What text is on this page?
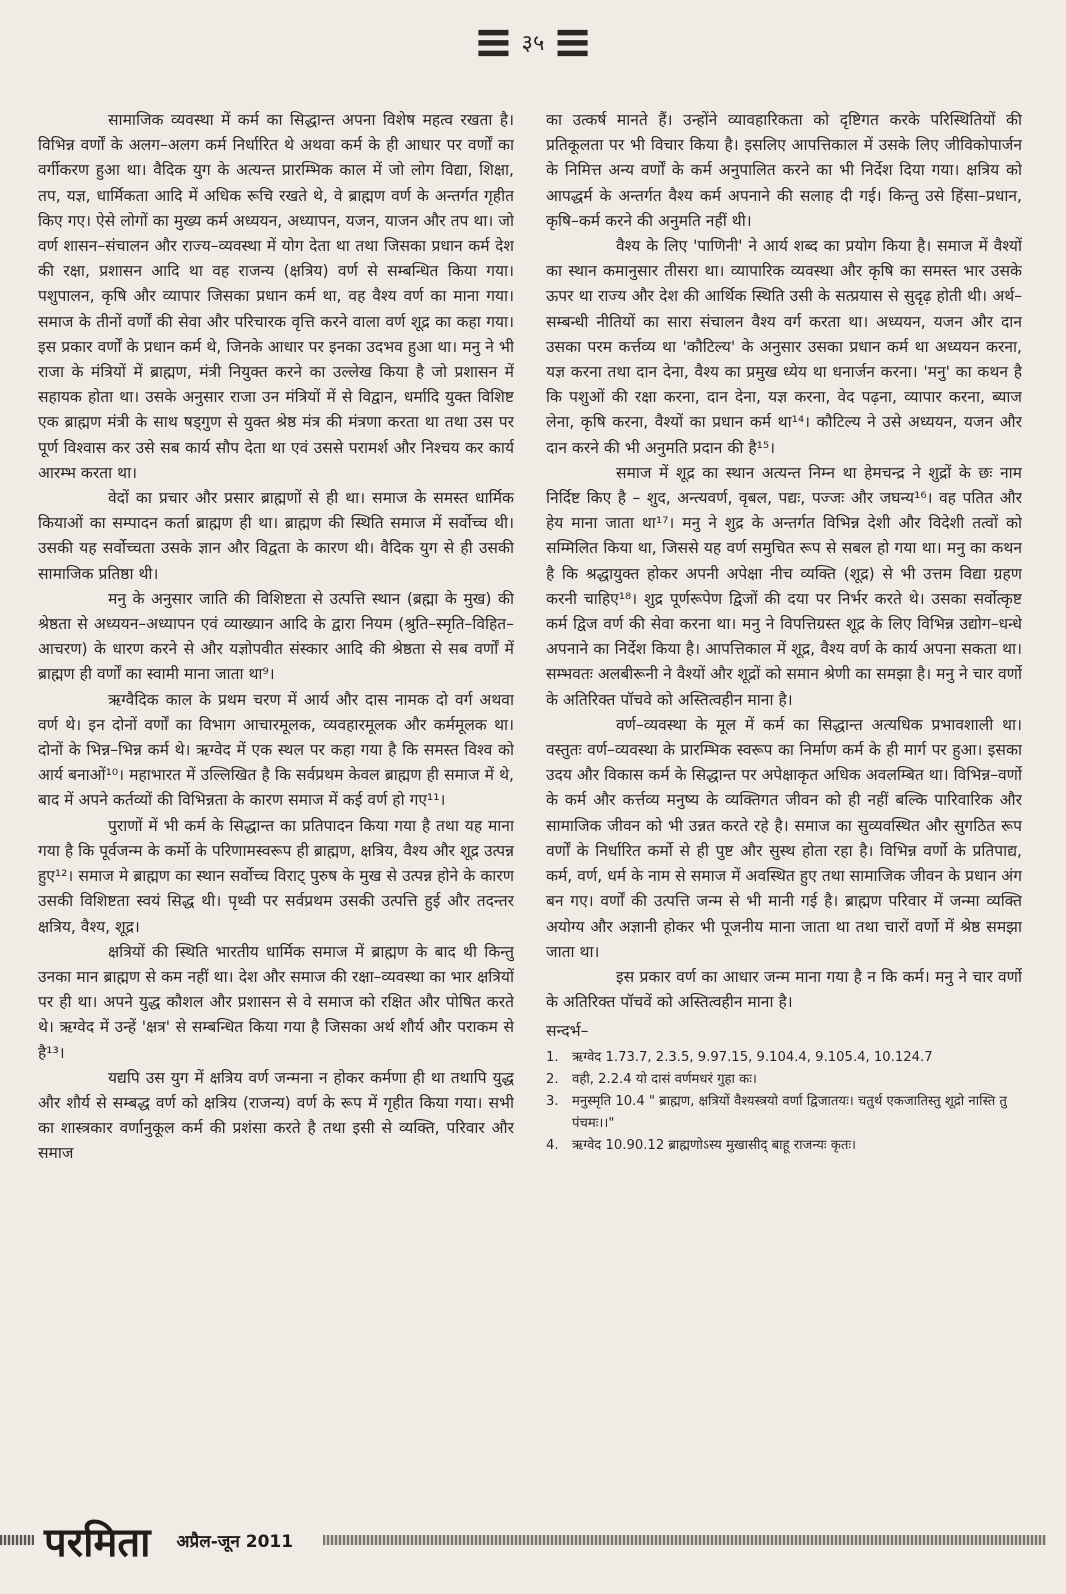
≡ ३५ ≡

सामाजिक व्यवस्था में कर्म का सिद्धान्त अपना विशेष महत्व रखता है। विभिन्न वर्णों के अलग–अलग कर्म निर्धारित थे अथवा कर्म के ही आधार पर वर्णों का वर्गीकरण हुआ था। वैदिक युग के अत्यन्त प्रारम्भिक काल में जो लोग विद्या, शिक्षा, तप, यज्ञ, धार्मिकता आदि में अधिक रूचि रखते थे, वे ब्राह्मण वर्ण के अन्तर्गत गृहीत किए गए। ऐसे लोगों का मुख्य कर्म अध्ययन, अध्यापन, यजन, याजन और तप था। जो वर्ण शासन–संचालन और राज्य–व्यवस्था में योग देता था तथा जिसका प्रधान कर्म देश की रक्षा, प्रशासन आदि था वह राजन्य (क्षत्रिय) वर्ण से सम्बन्धित किया गया। पशुपालन, कृषि और व्यापार जिसका प्रधान कर्म था, वह वैश्य वर्ण का माना गया। समाज के तीनों वर्णों की सेवा और परिचारक वृत्ति करने वाला वर्ण शूद्र का कहा गया। इस प्रकार वर्णों के प्रधान कर्म थे, जिनके आधार पर इनका उदभव हुआ था। मनु ने भी राजा के मंत्रियों में ब्राह्मण, मंत्री नियुक्त करने का उल्लेख किया है जो प्रशासन में सहायक होता था। उसके अनुसार राजा उन मंत्रियों में से विद्वान, धर्मादि युक्त विशिष्ट एक ब्राह्मण मंत्री के साथ षड्गुण से युक्त श्रेष्ठ मंत्र की मंत्रणा करता था तथा उस पर पूर्ण विश्वास कर उसे सब कार्य सौप देता था एवं उससे परामर्श और निश्चय कर कार्य आरम्भ करता था।

वेदों का प्रचार और प्रसार ब्राह्मणों से ही था। समाज के समस्त धार्मिक कियाओं का सम्पादन कर्ता ब्राह्मण ही था। ब्राह्मण की स्थिति समाज में सर्वोच्च थी। उसकी यह सर्वोच्चता उसके ज्ञान और विद्वता के कारण थी। वैदिक युग से ही उसकी सामाजिक प्रतिष्ठा थी।

मनु के अनुसार जाति की विशिष्टता से उत्पत्ति स्थान (ब्रह्मा के मुख) की श्रेष्ठता से अध्ययन–अध्यापन एवं व्याख्यान आदि के द्वारा नियम (श्रुति–स्मृति–विहित–आचरण) के धारण करने से और यज्ञोपवीत संस्कार आदि की श्रेष्ठता से सब वर्णों में ब्राह्मण ही वर्णों का स्वामी माना जाता था⁹।

ऋग्वैदिक काल के प्रथम चरण में आर्य और दास नामक दो वर्ग अथवा वर्ण थे। इन दोनों वर्णों का विभाग आचारमूलक, व्यवहारमूलक और कर्ममूलक था। दोनों के भिन्न–भिन्न कर्म थे। ऋग्वेद में एक स्थल पर कहा गया है कि समस्त विश्व को आर्य बनाओं¹⁰। महाभारत में उल्लिखित है कि सर्वप्रथम केवल ब्राह्मण ही समाज में थे, बाद में अपने कर्तव्यों की विभिन्नता के कारण समाज में कई वर्ण हो गए¹¹।

पुराणों में भी कर्म के सिद्धान्त का प्रतिपादन किया गया है तथा यह माना गया है कि पूर्वजन्म के कर्मो के परिणामस्वरूप ही ब्राह्मण, क्षत्रिय, वैश्य और शूद्र उत्पन्न हुए¹²। समाज मे ब्राह्मण का स्थान सर्वोच्च विराट् पुरुष के मुख से उत्पन्न होने के कारण उसकी विशिष्टता स्वयं सिद्ध थी। पृथ्वी पर सर्वप्रथम उसकी उत्पत्ति हुई और तदन्तर क्षत्रिय, वैश्य, शूद्र।

क्षत्रियों की स्थिति भारतीय धार्मिक समाज में ब्राह्मण के बाद थी किन्तु उनका मान ब्राह्मण से कम नहीं था। देश और समाज की रक्षा–व्यवस्था का भार क्षत्रियों पर ही था। अपने युद्ध कौशल और प्रशासन से वे समाज को रक्षित और पोषित करते थे। ऋग्वेद में उन्हें 'क्षत्र' से सम्बन्धित किया गया है जिसका अर्थ शौर्य और पराकम से है¹³।

यद्यपि उस युग में क्षत्रिय वर्ण जन्मना न होकर कर्मणा ही था तथापि युद्ध और शौर्य से सम्बद्ध वर्ण को क्षत्रिय (राजन्य) वर्ण के रूप में गृहीत किया गया। सभी का शास्त्रकार वर्णानुकूल कर्म की प्रशंसा करते है तथा इसी से व्यक्ति, परिवार और समाज

का उत्कर्ष मानते हैं। उन्होंने व्यावहारिकता को दृष्टिगत करके परिस्थितियों की प्रतिकूलता पर भी विचार किया है। इसलिए आपत्तिकाल में उसके लिए जीविकोपार्जन के निमित्त अन्य वर्णों के कर्म अनुपालित करने का भी निर्देश दिया गया। क्षत्रिय को आपद्धर्म के अन्तर्गत वैश्य कर्म अपनाने की सलाह दी गई। किन्तु उसे हिंसा–प्रधान, कृषि–कर्म करने की अनुमति नहीं थी।

वैश्य के लिए 'पाणिनी' ने आर्य शब्द का प्रयोग किया है। समाज में वैश्यों का स्थान कमानुसार तीसरा था। व्यापारिक व्यवस्था और कृषि का समस्त भार उसके ऊपर था राज्य और देश की आर्थिक स्थिति उसी के सत्प्रयास से सुदृढ़ होती थी। अर्थ–सम्बन्धी नीतियों का सारा संचालन वैश्य वर्ग करता था। अध्ययन, यजन और दान उसका परम कर्त्तव्य था 'कौटिल्य' के अनुसार उसका प्रधान कर्म था अध्ययन करना, यज्ञ करना तथा दान देना, वैश्य का प्रमुख ध्येय था धनार्जन करना। 'मनु' का कथन है कि पशुओं की रक्षा करना, दान देना, यज्ञ करना, वेद पढ़ना, व्यापार करना, ब्याज लेना, कृषि करना, वैश्यों का प्रधान कर्म था¹⁴। कौटिल्य ने उसे अध्ययन, यजन और दान करने की भी अनुमति प्रदान की है¹⁵।

समाज में शूद्र का स्थान अत्यन्त निम्न था हेमचन्द्र ने शुद्रों के छः नाम निर्दिष्ट किए है – शुद, अन्त्यवर्ण, वृबल, पद्यः, पज्जः और जघन्य¹⁶। वह पतित और हेय माना जाता था¹⁷। मनु ने शुद्र के अन्तर्गत विभिन्न देशी और विदेशी तत्वों को सम्मिलित किया था, जिससे यह वर्ण समुचित रूप से सबल हो गया था। मनु का कथन है कि श्रद्धायुक्त होकर अपनी अपेक्षा नीच व्यक्ति (शूद्र) से भी उत्तम विद्या ग्रहण करनी चाहिए¹⁸। शुद्र पूर्णरूपेण द्विजों की दया पर निर्भर करते थे। उसका सर्वोत्कृष्ट कर्म द्विज वर्ण की सेवा करना था। मनु ने विपत्तिग्रस्त शूद्र के लिए विभिन्न उद्योग–धन्धे अपनाने का निर्देश किया है। आपत्तिकाल में शूद्र, वैश्य वर्ण के कार्य अपना सकता था। सम्भवतः अलबीरूनी ने वैश्यों और शूद्रों को समान श्रेणी का समझा है। मनु ने चार वर्णो के अतिरिक्त पॉचवे को अस्तित्वहीन माना है।

वर्ण–व्यवस्था के मूल में कर्म का सिद्धान्त अत्यधिक प्रभावशाली था। वस्तुतः वर्ण–व्यवस्था के प्रारम्भिक स्वरूप का निर्माण कर्म के ही मार्ग पर हुआ। इसका उदय और विकास कर्म के सिद्धान्त पर अपेक्षाकृत अधिक अवलम्बित था। विभिन्न–वर्णो के कर्म और कर्त्तव्य मनुष्य के व्यक्तिगत जीवन को ही नहीं बल्कि पारिवारिक और सामाजिक जीवन को भी उन्नत करते रहे है। समाज का सुव्यवस्थित और सुगठित रूप वर्णों के निर्धारित कर्मो से ही पुष्ट और सुस्थ होता रहा है। विभिन्न वर्णो के प्रतिपाद्य, कर्म, वर्ण, धर्म के नाम से समाज में अवस्थित हुए तथा सामाजिक जीवन के प्रधान अंग बन गए। वर्णों की उत्पत्ति जन्म से भी मानी गई है। ब्राह्मण परिवार में जन्मा व्यक्ति अयोग्य और अज्ञानी होकर भी पूजनीय माना जाता था तथा चारों वर्णो में श्रेष्ठ समझा जाता था।

इस प्रकार वर्ण का आधार जन्म माना गया है न कि कर्म। मनु ने चार वर्णो के अतिरिक्त पॉचवें को अस्तित्वहीन माना है।

सन्दर्भ–
1.	ऋग्वेद 1.73.7, 2.3.5, 9.97.15, 9.104.4, 9.105.4, 10.124.7
2.	वही, 2.2.4 यो दासं वर्णमधरं गुहा कः।
3.	मनुस्मृति 10.4 " ब्राह्मण, क्षत्रियों वैश्यस्त्रयो वर्णा द्विजातयः। चतुर्थ एकजातिस्तु शूद्रो नास्ति तु पंचमः।।"
4.	ऋग्वेद 10.90.12 ब्राह्मणोऽस्य मुखासीद् बाहू राजन्यः कृतः।
परमिता अप्रैल-जून 2011
